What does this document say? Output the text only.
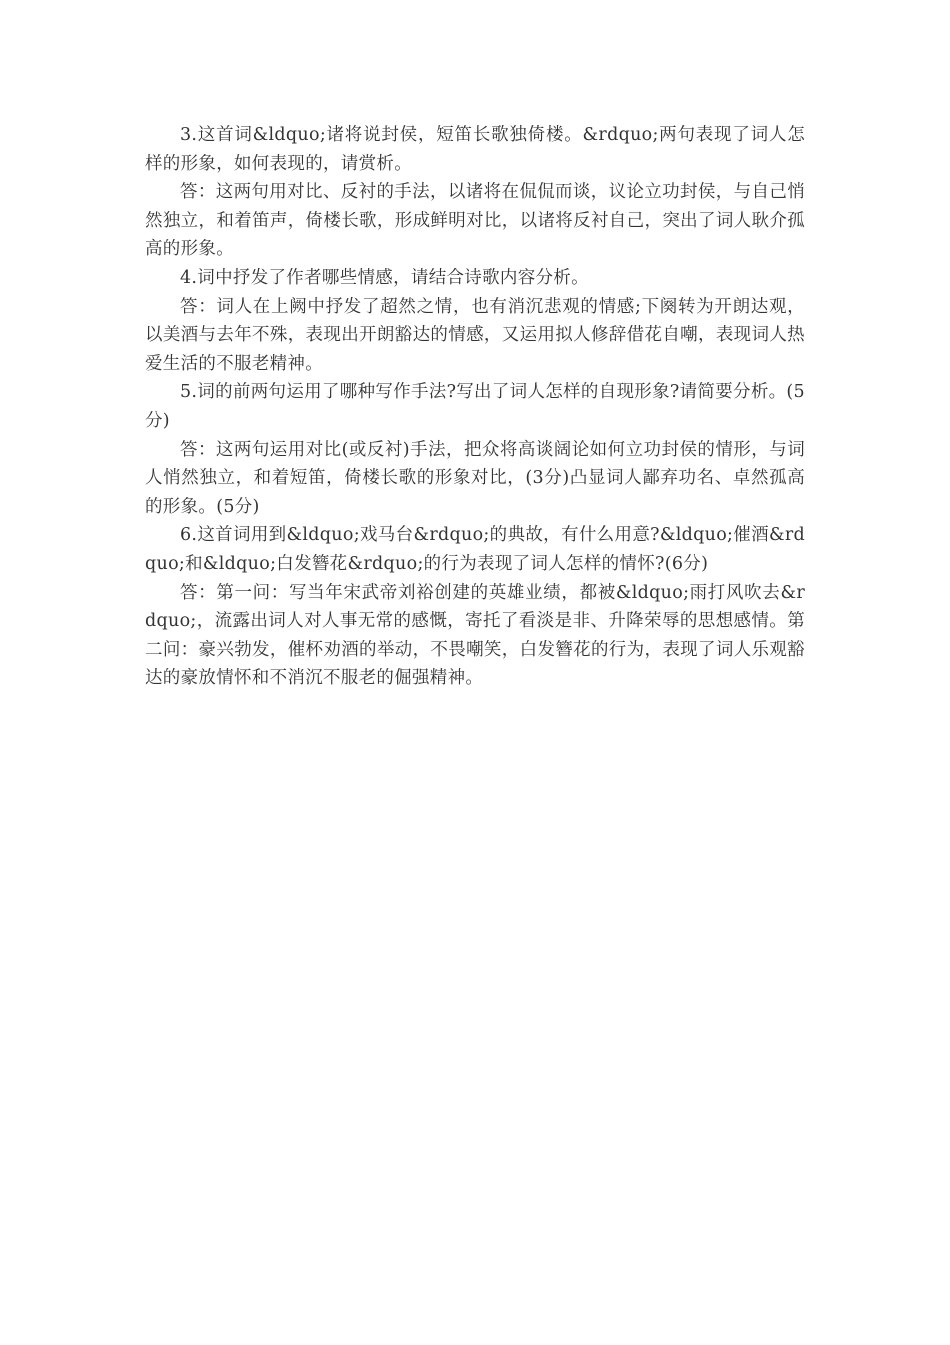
3.这首词&ldquo;诸将说封侯，短笛长歌独倚楼。&rdquo;两句表现了词人怎样的形象，如何表现的，请赏析。

答：这两句用对比、反衬的手法，以诸将在侃侃而谈，议论立功封侯，与自己悄然独立，和着笛声，倚楼长歌，形成鲜明对比，以诸将反衬自己，突出了词人耿介孤高的形象。

4.词中抒发了作者哪些情感，请结合诗歌内容分析。

答：词人在上阙中抒发了超然之情，也有消沉悲观的情感;下阕转为开朗达观，以美酒与去年不殊，表现出开朗豁达的情感，又运用拟人修辞借花自嘲，表现词人热爱生活的不服老精神。

5.词的前两句运用了哪种写作手法?写出了词人怎样的自现形象?请简要分析。(5分)

答：这两句运用对比(或反衬)手法，把众将高谈阔论如何立功封侯的情形，与词人悄然独立，和着短笛，倚楼长歌的形象对比，(3分)凸显词人鄙弃功名、卓然孤高的形象。(5分)

6.这首词用到&ldquo;戏马台&rdquo;的典故，有什么用意?&ldquo;催酒&rdquo;和&ldquo;白发簪花&rdquo;的行为表现了词人怎样的情怀?(6分)

答：第一问：写当年宋武帝刘裕创建的英雄业绩，都被&ldquo;雨打风吹去&rdquo;，流露出词人对人事无常的感慨，寄托了看淡是非、升降荣辱的思想感情。第二问：豪兴勃发，催杯劝酒的举动，不畏嘲笑，白发簪花的行为，表现了词人乐观豁达的豪放情怀和不消沉不服老的倔强精神。
